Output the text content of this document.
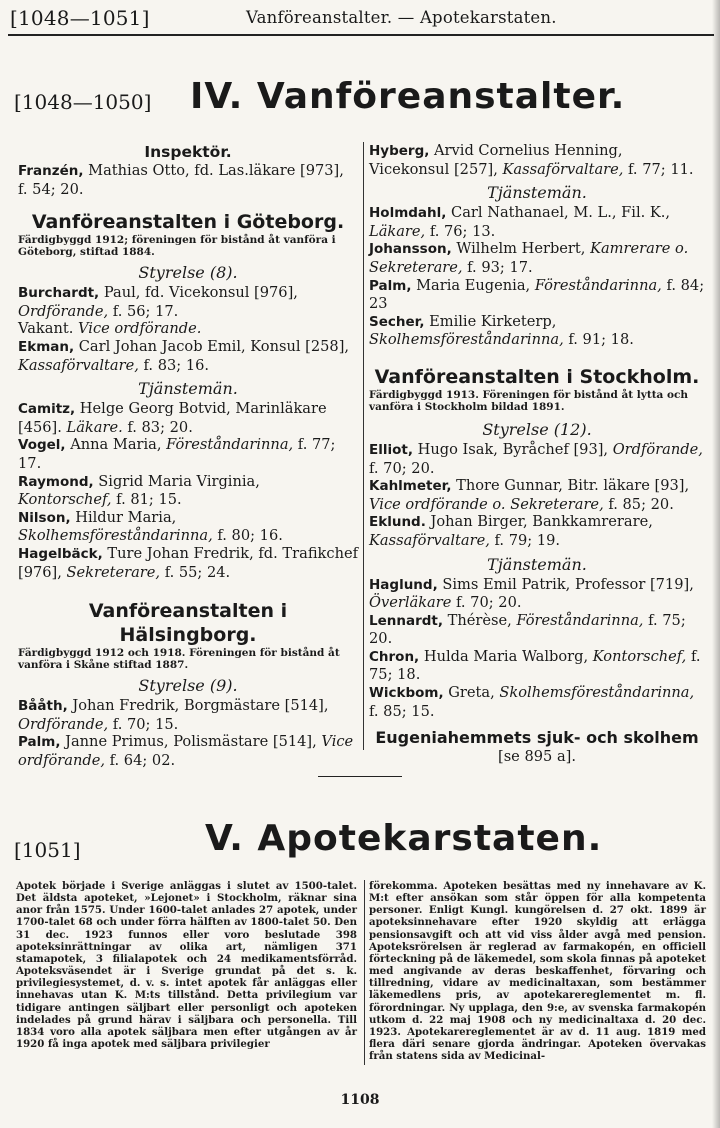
[1048—1051]	Vanföreanstalter. — Apotekarstaten.
[1048—1050] IV. Vanföreanstalter.
Inspektör.

Franzén, Mathias Otto, fd. Las.läkare [973], f. 54; 20.

Vanföreanstalten i Göteborg.

Färdigbyggd 1912; föreningen för bistånd åt vanföra i Göteborg, stiftad 1884.

Styrelse (8).

Burchardt, Paul, fd. Vicekonsul [976], Ordförande, f. 56; 17.

Vakant. Vice ordförande.

Ekman, Carl Johan Jacob Emil, Konsul [258], Kassaförvaltare, f. 83; 16.

Tjänstemän.

Camitz, Helge Georg Botvid, Marinläkare [456]. Läkare. f. 83; 20.

Vogel, Anna Maria, Föreståndarinna, f. 77; 17.

Raymond, Sigrid Maria Virginia, Kontorschef, f. 81; 15.

Nilson, Hildur Maria, Skolhemsföreståndarinna, f. 80; 16.

Hagelbäck, Ture Johan Fredrik, fd. Trafikchef [976], Sekreterare, f. 55; 24.

Vanföreanstalten i Hälsingborg.

Färdigbyggd 1912 och 1918. Föreningen för bistånd åt vanföra i Skåne stiftad 1887.

Styrelse (9).

Bååth, Johan Fredrik, Borgmästare [514], Ordförande, f. 70; 15.

Palm, Janne Primus, Polismästare [514], Vice ordförande, f. 64; 02.

Hyberg, Arvid Cornelius Henning, Vicekonsul [257], Kassaförvaltare, f. 77; 11.

Tjänstemän.

Holmdahl, Carl Nathanael, M. L., Fil. K., Läkare, f. 76; 13.

Johansson, Wilhelm Herbert, Kamrerare o. Sekreterare, f. 93; 17.

Palm, Maria Eugenia, Föreståndarinna, f. 84; 23

Secher, Emilie Kirketerp, Skolhemsföreståndarinna, f. 91; 18.

Vanföreanstalten i Stockholm.

Färdigbyggd 1913. Föreningen för bistånd åt lytta och vanföra i Stockholm bildad 1891.

Styrelse (12).

Elliot, Hugo Isak, Byråchef [93], Ordförande, f. 70; 20.

Kahlmeter, Thore Gunnar, Bitr. läkare [93], Vice ordförande o. Sekreterare, f. 85; 20.

Eklund. Johan Birger, Bankkamrerare, Kassaförvaltare, f. 79; 19.

Tjänstemän.

Haglund, Sims Emil Patrik, Professor [719], Överläkare f. 70; 20.

Lennardt, Thérèse, Föreståndarinna, f. 75; 20.

Chron, Hulda Maria Walborg, Kontorschef, f. 75; 18.

Wickbom, Greta, Skolhemsföreståndarinna, f. 85; 15.

Eugeniahemmets sjuk- och skolhem
[se 895 a].
[1051]	V. Apotekarstaten.

Apotek började i Sverige anläggas i slutet av 1500-talet. Det äldsta apoteket, »Lejonet» i Stockholm, räknar sina anor från 1575. Under 1600-talet anlades 27 apotek, under 1700-talet 68 och under förra hälften av 1800-talet 50. Den 31 dec. 1923 funnos eller voro beslutade 398 apoteksinrättningar av olika art, nämligen 371 stamapotek, 3 filialapotek och 24 medikamentsförråd. Apoteksväsendet är i Sverige grundat på det s. k. privilegiesystemet, d. v. s. intet apotek får anläggas eller innehavas utan K. M:ts tillstånd. Detta privilegium var tidigare antingen säljbart eller personligt och apoteken indelades på grund härav i säljbara och personella. Till 1834 voro alla apotek säljbara men efter utgången av år 1920 få inga apotek med säljbara privilegier

förekomma. Apoteken besättas med ny innehavare av K. M:t efter ansökan som står öppen för alla kompetenta personer. Enligt Kungl. kungörelsen d. 27 okt. 1899 är apoteksinnehavare efter 1920 skyldig att erlägga pensionsavgift och att vid viss ålder avgå med pension. Apoteksrörelsen är reglerad av farmakopén, en officiell förteckning på de läkemedel, som skola finnas på apoteket med angivande av deras beskaffenhet, förvaring och tillredning, vidare av medicinaltaxan, som bestämmer läkemedlens pris, av apotekarereglementet m. fl. förordningar. Ny upplaga, den 9:e, av svenska farmakopén utkom d. 22 maj 1908 och ny medicinaltaxa d. 20 dec. 1923. Apotekarereglementet är av d. 11 aug. 1819 med flera däri senare gjorda ändringar. Apoteken övervakas från statens sida av Medicinal-

1108
